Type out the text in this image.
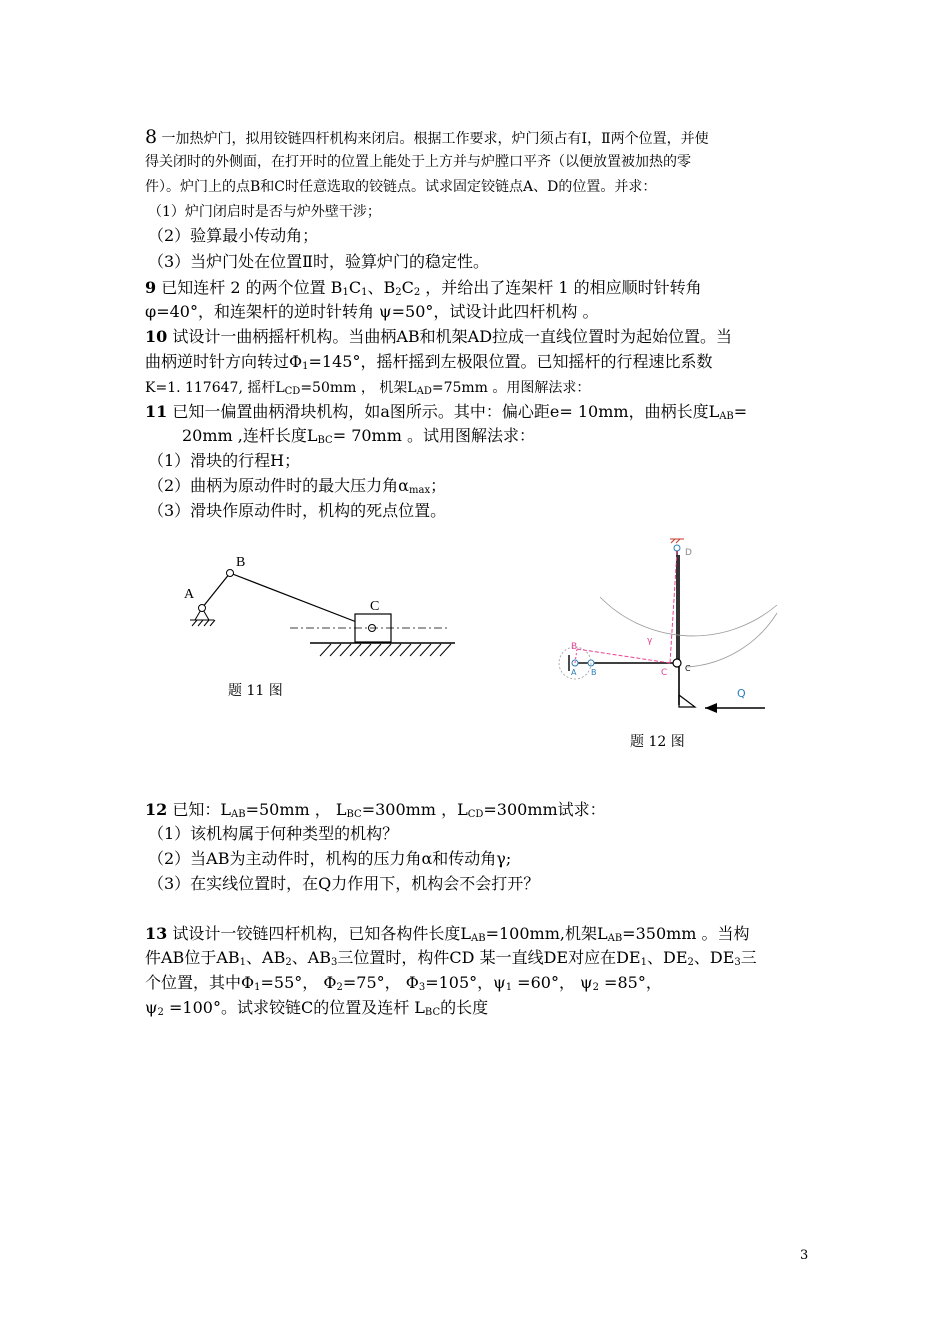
8 一加热炉门，拟用铰链四杆机构来闭启。根据工作要求，炉门须占有Ⅰ，Ⅱ两个位置，并使
得关闭时的外侧面，在打开时的位置上能处于上方并与炉膛口平齐（以便放置被加热的零
件）。炉门上的点B和C时任意选取的铰链点。试求固定铰链点A、D的位置。并求：
（1）炉门闭启时是否与炉外壁干涉；
（2）验算最小传动角；
（3）当炉门处在位置Ⅱ时，验算炉门的稳定性。
9 已知连杆 2 的两个位置 $B_1C_1$、$B_2C_2$ ，并给出了连架杆 1 的相应顺时针转角
φ=40°，和连架杆的逆时针转角 ψ=50°，试设计此四杆机构 。
10 试设计一曲柄摇杆机构。当曲柄AB和机架AD拉成一直线位置时为起始位置。当
曲柄逆时针方向转过$\Phi_1=145^\circ$，摇杆摇到左极限位置。已知摇杆的行程速比系数
K=1. 117647, 摇杆$L_{CD}=50mm$ ， 机架$L_{AD}=75mm$ 。用图解法求：
11 已知一偏置曲柄滑块机构，如a图所示。其中：偏心距e= 10mm，曲柄长度$L_{AB}=$
20mm ,连杆长度$L_{BC}= 70mm$ 。试用图解法求：
（1）滑块的行程H；
（2）曲柄为原动件时的最大压力角$\alpha_{max}$；
（3）滑块作原动件时，机构的死点位置。
A
B
C
题 11 图
D
B
C
γ
A B	C
Q
题 12 图
12 已知：$L_{AB}=50mm$ ， $L_{BC}=300mm$ ，$L_{CD}=300mm$试求：
（1）该机构属于何种类型的机构？
（2）当AB为主动件时，机构的压力角α和传动角γ;
（3）在实线位置时，在Q力作用下，机构会不会打开？
13 试设计一铰链四杆机构，已知各构件长度$L_{AB}=100mm$,机架$L_{AB}=350mm$ 。当构
件AB位于$AB_1$、$AB_2$、$AB_3$三位置时，构件CD 某一直线DE对应在$DE_1$、$DE_2$、$DE_3$三
个位置，其中$\Phi_1=55^\circ$， $\Phi_2=75^\circ$， $\Phi_3=105^\circ$，$\psi_1 =60^\circ$， $\psi_2 =85^\circ$，
$\psi_2 =100^\circ$。试求铰链C的位置及连杆 $L_{BC}$的长度
3
